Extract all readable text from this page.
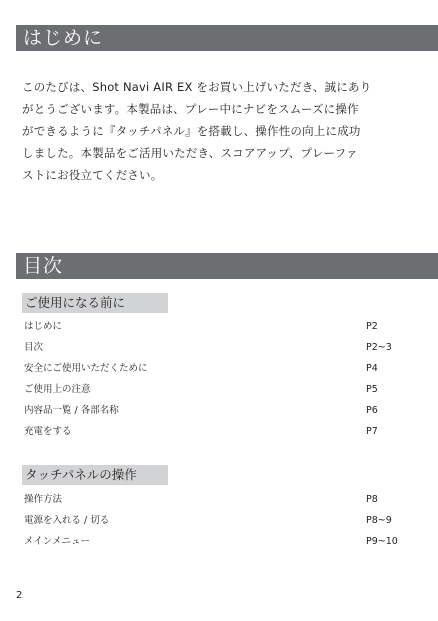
はじめに
このたびは、Shot Navi AIR EX をお買い上げいただき、誠にあり
がとうございます。本製品は、プレー中にナビをスムーズに操作
ができるように『タッチパネル』を搭載し、操作性の向上に成功
しました。本製品をご活用いただき、スコアアップ、プレーファ
ストにお役立てください。
目次
ご使用になる前に
はじめに	P2
目次	P2~3
安全にご使用いただくために	P4
ご使用上の注意	P5
内容品一覧 / 各部名称	P6
充電をする	P7
タッチパネルの操作
操作方法	P8
電源を入れる / 切る	P8~9
メインメニュー	P9~10
2
